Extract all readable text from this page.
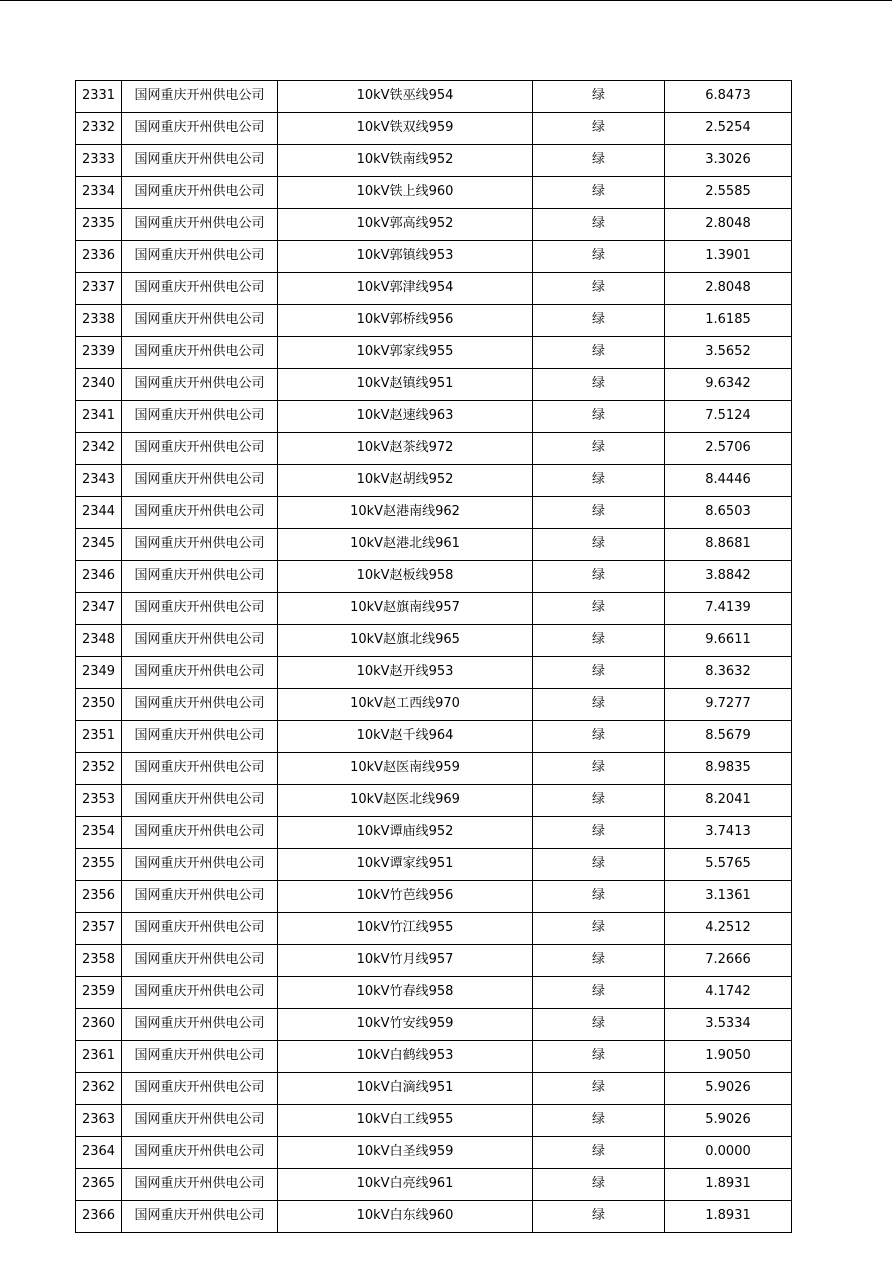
2331	国网重庆开州供电公司	10kV铁巫线954	绿	6.8473
2332	国网重庆开州供电公司	10kV铁双线959	绿	2.5254
2333	国网重庆开州供电公司	10kV铁南线952	绿	3.3026
2334	国网重庆开州供电公司	10kV铁上线960	绿	2.5585
2335	国网重庆开州供电公司	10kV郭高线952	绿	2.8048
2336	国网重庆开州供电公司	10kV郭镇线953	绿	1.3901
2337	国网重庆开州供电公司	10kV郭津线954	绿	2.8048
2338	国网重庆开州供电公司	10kV郭桥线956	绿	1.6185
2339	国网重庆开州供电公司	10kV郭家线955	绿	3.5652
2340	国网重庆开州供电公司	10kV赵镇线951	绿	9.6342
2341	国网重庆开州供电公司	10kV赵速线963	绿	7.5124
2342	国网重庆开州供电公司	10kV赵茶线972	绿	2.5706
2343	国网重庆开州供电公司	10kV赵胡线952	绿	8.4446
2344	国网重庆开州供电公司	10kV赵港南线962	绿	8.6503
2345	国网重庆开州供电公司	10kV赵港北线961	绿	8.8681
2346	国网重庆开州供电公司	10kV赵板线958	绿	3.8842
2347	国网重庆开州供电公司	10kV赵旗南线957	绿	7.4139
2348	国网重庆开州供电公司	10kV赵旗北线965	绿	9.6611
2349	国网重庆开州供电公司	10kV赵开线953	绿	8.3632
2350	国网重庆开州供电公司	10kV赵工西线970	绿	9.7277
2351	国网重庆开州供电公司	10kV赵千线964	绿	8.5679
2352	国网重庆开州供电公司	10kV赵医南线959	绿	8.9835
2353	国网重庆开州供电公司	10kV赵医北线969	绿	8.2041
2354	国网重庆开州供电公司	10kV谭庙线952	绿	3.7413
2355	国网重庆开州供电公司	10kV谭家线951	绿	5.5765
2356	国网重庆开州供电公司	10kV竹芭线956	绿	3.1361
2357	国网重庆开州供电公司	10kV竹江线955	绿	4.2512
2358	国网重庆开州供电公司	10kV竹月线957	绿	7.2666
2359	国网重庆开州供电公司	10kV竹春线958	绿	4.1742
2360	国网重庆开州供电公司	10kV竹安线959	绿	3.5334
2361	国网重庆开州供电公司	10kV白鹤线953	绿	1.9050
2362	国网重庆开州供电公司	10kV白滴线951	绿	5.9026
2363	国网重庆开州供电公司	10kV白工线955	绿	5.9026
2364	国网重庆开州供电公司	10kV白圣线959	绿	0.0000
2365	国网重庆开州供电公司	10kV白亮线961	绿	1.8931
2366	国网重庆开州供电公司	10kV白东线960	绿	1.8931
